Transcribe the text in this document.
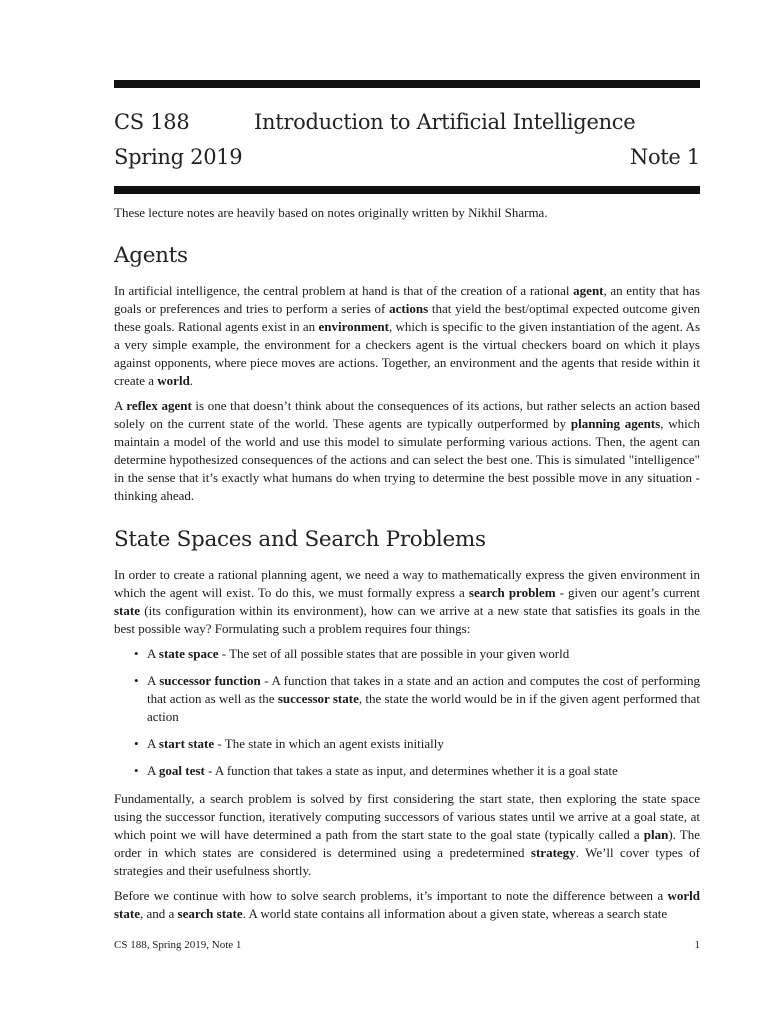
CS 188	Introduction to Artificial Intelligence
Spring 2019	Note 1

These lecture notes are heavily based on notes originally written by Nikhil Sharma.

Agents

In artificial intelligence, the central problem at hand is that of the creation of a rational agent, an entity that has goals or preferences and tries to perform a series of actions that yield the best/optimal expected outcome given these goals. Rational agents exist in an environment, which is specific to the given instantiation of the agent. As a very simple example, the environment for a checkers agent is the virtual checkers board on which it plays against opponents, where piece moves are actions. Together, an environment and the agents that reside within it create a world.

A reflex agent is one that doesn’t think about the consequences of its actions, but rather selects an action based solely on the current state of the world. These agents are typically outperformed by planning agents, which maintain a model of the world and use this model to simulate performing various actions. Then, the agent can determine hypothesized consequences of the actions and can select the best one. This is simulated "intelligence" in the sense that it’s exactly what humans do when trying to determine the best possible move in any situation - thinking ahead.

State Spaces and Search Problems

In order to create a rational planning agent, we need a way to mathematically express the given environment in which the agent will exist. To do this, we must formally express a search problem - given our agent’s current state (its configuration within its environment), how can we arrive at a new state that satisfies its goals in the best possible way? Formulating such a problem requires four things:

• A state space - The set of all possible states that are possible in your given world
• A successor function - A function that takes in a state and an action and computes the cost of performing that action as well as the successor state, the state the world would be in if the given agent performed that action
• A start state - The state in which an agent exists initially
• A goal test - A function that takes a state as input, and determines whether it is a goal state

Fundamentally, a search problem is solved by first considering the start state, then exploring the state space using the successor function, iteratively computing successors of various states until we arrive at a goal state, at which point we will have determined a path from the start state to the goal state (typically called a plan). The order in which states are considered is determined using a predetermined strategy. We’ll cover types of strategies and their usefulness shortly.

Before we continue with how to solve search problems, it’s important to note the difference between a world state, and a search state. A world state contains all information about a given state, whereas a search state

CS 188, Spring 2019, Note 1	1
